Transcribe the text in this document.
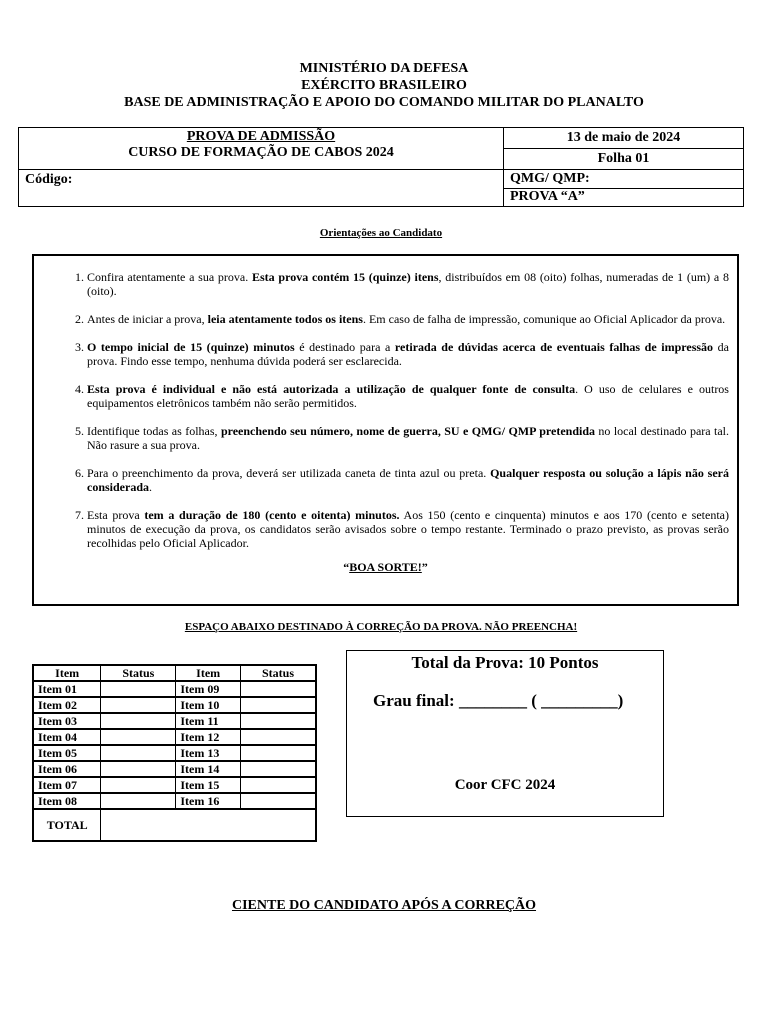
MINISTÉRIO DA DEFESA
EXÉRCITO BRASILEIRO
BASE DE ADMINISTRAÇÃO E APOIO DO COMANDO MILITAR DO PLANALTO
PROVA DE ADMISSÃO
CURSO DE FORMAÇÃO DE CABOS 2024	13 de maio de 2024
	Folha 01
Código:	QMG/ QMP:
	PROVA “A”
Orientações ao Candidato
1. Confira atentamente a sua prova. Esta prova contém 15 (quinze) itens, distribuídos em 08 (oito) folhas, numeradas de 1 (um) a 8 (oito).
2. Antes de iniciar a prova, leia atentamente todos os itens. Em caso de falha de impressão, comunique ao Oficial Aplicador da prova.
3. O tempo inicial de 15 (quinze) minutos é destinado para a retirada de dúvidas acerca de eventuais falhas de impressão da prova. Findo esse tempo, nenhuma dúvida poderá ser esclarecida.
4. Esta prova é individual e não está autorizada a utilização de qualquer fonte de consulta. O uso de celulares e outros equipamentos eletrônicos também não serão permitidos.
5. Identifique todas as folhas, preenchendo seu número, nome de guerra, SU e QMG/ QMP pretendida no local destinado para tal. Não rasure a sua prova.
6. Para o preenchimento da prova, deverá ser utilizada caneta de tinta azul ou preta. Qualquer resposta ou solução a lápis não será considerada.
7. Esta prova tem a duração de 180 (cento e oitenta) minutos. Aos 150 (cento e cinquenta) minutos e aos 170 (cento e setenta) minutos de execução da prova, os candidatos serão avisados sobre o tempo restante. Terminado o prazo previsto, as provas serão recolhidas pelo Oficial Aplicador.
“BOA SORTE!”
ESPAÇO ABAIXO DESTINADO À CORREÇÃO DA PROVA. NÃO PREENCHA!
Item	Status	Item	Status
Item 01		Item 09	
Item 02		Item 10	
Item 03		Item 11	
Item 04		Item 12	
Item 05		Item 13	
Item 06		Item 14	
Item 07		Item 15	
Item 08		Item 16	
TOTAL			
Total da Prova: 10 Pontos
Grau final: ________ ( _________)
Coor CFC 2024
CIENTE DO CANDIDATO APÓS A CORREÇÃO
